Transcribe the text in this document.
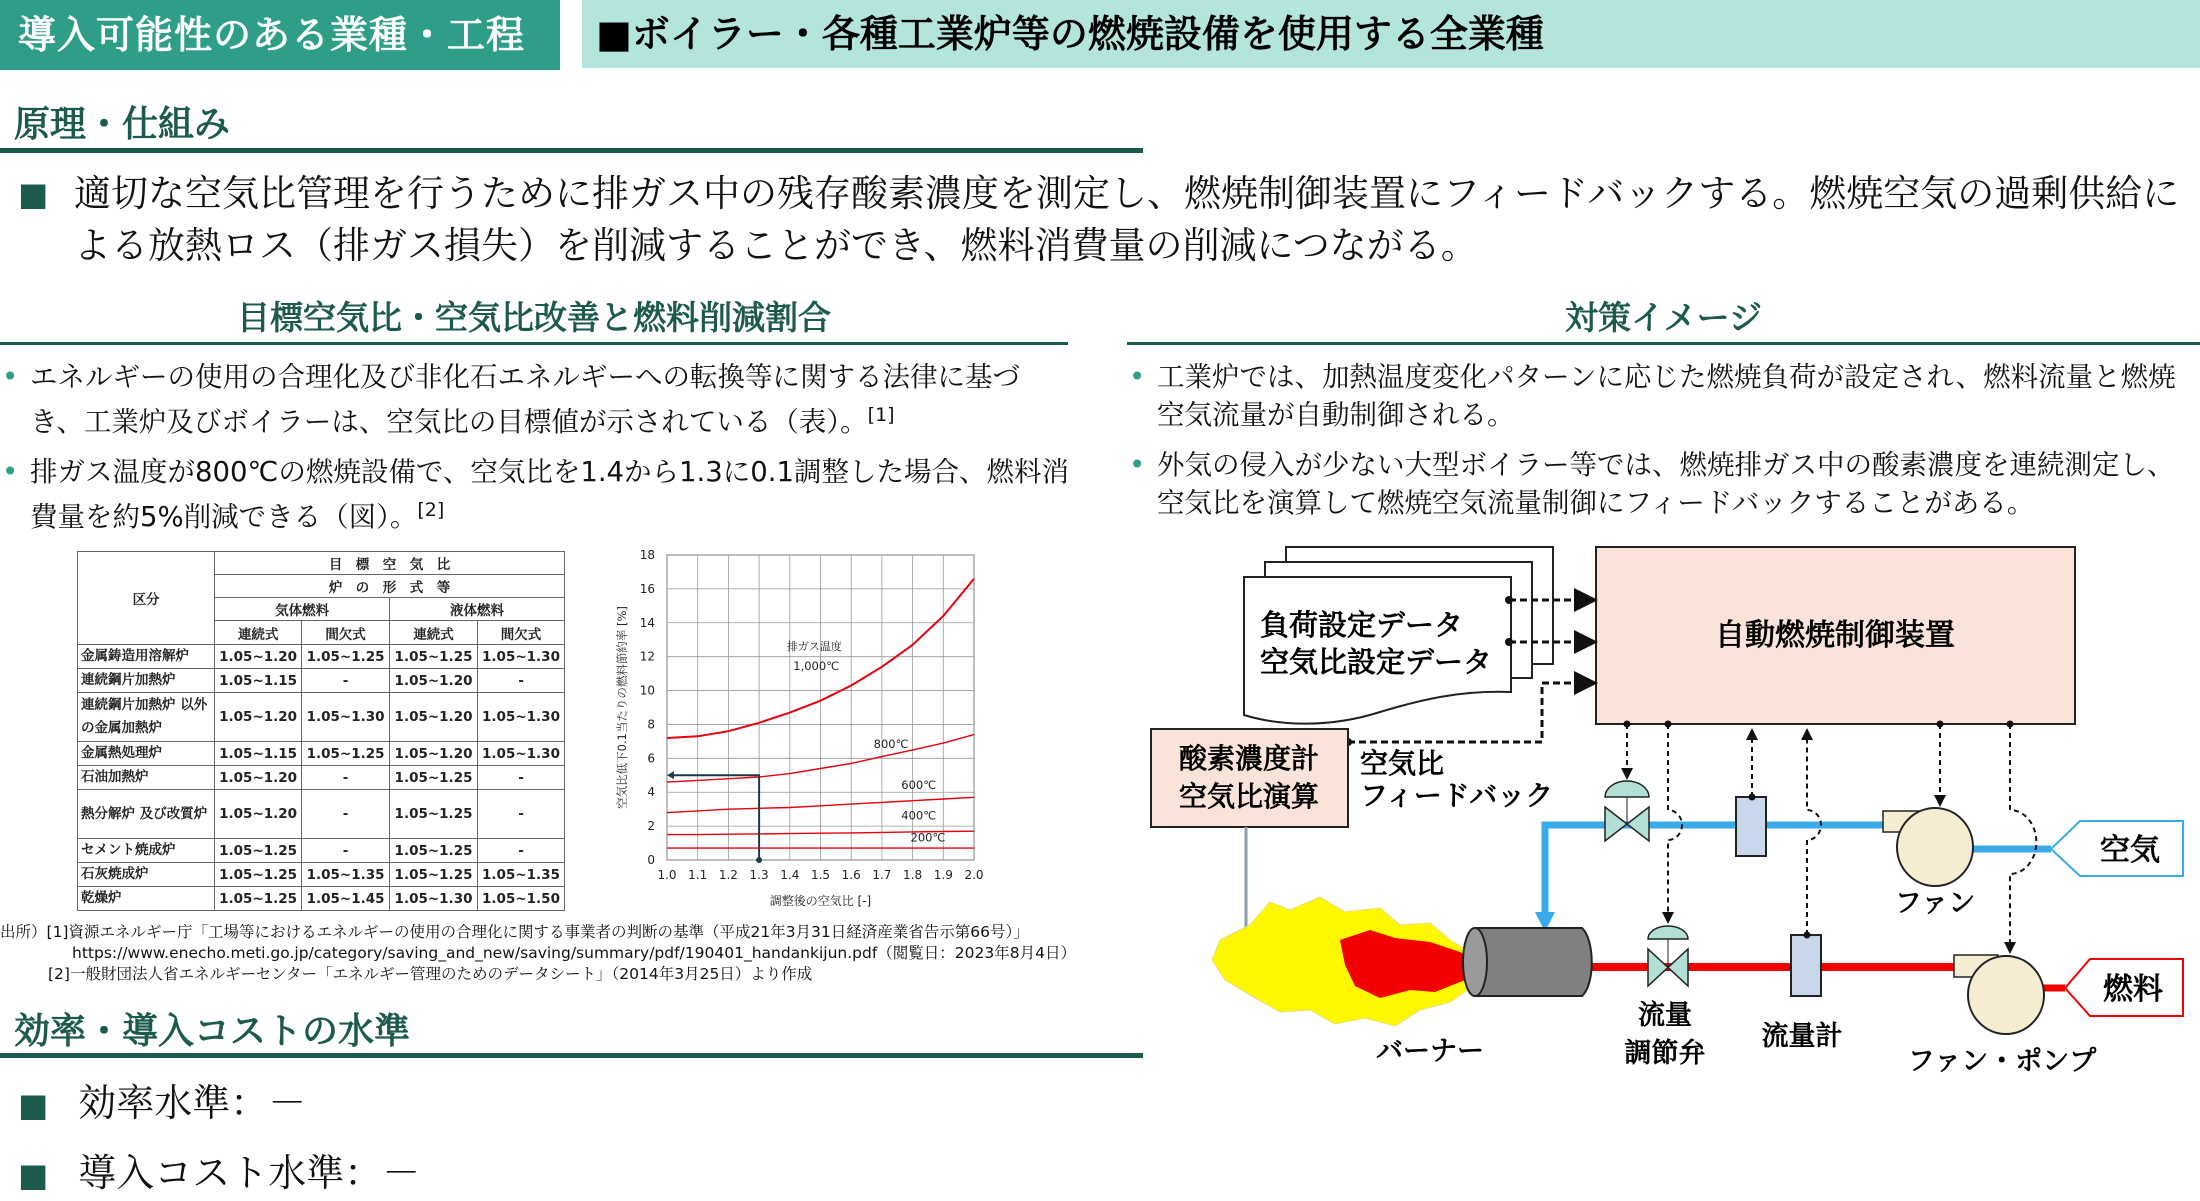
導入可能性のある業種・工程	■ボイラー・各種工業炉等の燃焼設備を使用する全業種
原理・仕組み
■ 適切な空気比管理を行うために排ガス中の残存酸素濃度を測定し、燃焼制御装置にフィードバックする。燃焼空気の過剰供給による放熱ロス（排ガス損失）を削減することができ、燃料消費量の削減につながる。
目標空気比・空気比改善と燃料削減割合
• エネルギーの使用の合理化及び非化石エネルギーへの転換等に関する法律に基づき、工業炉及びボイラーは、空気比の目標値が示されている（表）。[1]
• 排ガス温度が800℃の燃焼設備で、空気比を1.4から1.3に0.1調整した場合、燃料消費量を約5%削減できる（図）。[2]
区分	目　標　空　気　比			
	炉　の　形　式　等			
	気体燃料		液体燃料	
	連続式	間欠式	連続式	間欠式
金属鋳造用溶解炉	1.05~1.20	1.05~1.25	1.05~1.25	1.05~1.30
連続鋼片加熱炉	1.05~1.15	-	1.05~1.20	-
連続鋼片加熱炉 以外の金属加熱炉	1.05~1.20	1.05~1.30	1.05~1.20	1.05~1.30
金属熱処理炉	1.05~1.15	1.05~1.25	1.05~1.20	1.05~1.30
石油加熱炉	1.05~1.20	-	1.05~1.25	-
熱分解炉 及び改質炉	1.05~1.20	-	1.05~1.25	-
セメント焼成炉	1.05~1.25	-	1.05~1.25	-
石灰焼成炉	1.05~1.25	1.05~1.35	1.05~1.25	1.05~1.35
乾燥炉	1.05~1.25	1.05~1.45	1.05~1.30	1.05~1.50
1.0 1.1 1.2 1.3 1.4 1.5 1.6 1.7 1.8 1.9 2.0
0
2
4
6
8
10
12
14
16
18
調整後の空気比 [-]
空気比低下0.1当たりの燃料節約率 [%]	排ガス温度
1,000℃
800℃
600℃
400℃
200℃
出所）[1]資源エネルギー庁「工場等におけるエネルギーの使用の合理化に関する事業者の判断の基準（平成21年3月31日経済産業省告示第66号）」
https://www.enecho.meti.go.jp/category/saving_and_new/saving/summary/pdf/190401_handankijun.pdf（閲覧日：2023年8月4日）
[2]一般財団法人省エネルギーセンター「エネルギー管理のためのデータシート」（2014年3月25日）より作成
効率・導入コストの水準
■ 効率水準：－
■ 導入コスト水準：－
対策イメージ
• 工業炉では、加熱温度変化パターンに応じた燃焼負荷が設定され、燃料流量と燃焼空気流量が自動制御される。
• 外気の侵入が少ない大型ボイラー等では、燃焼排ガス中の酸素濃度を連続測定し、空気比を演算して燃焼空気流量制御にフィードバックすることがある。
負荷設定データ
空気比設定データ
自動燃焼制御装置
酸素濃度計
空気比演算
空気比
フィードバック
空気
燃料
ファン
バーナー
流量
調節弁
流量計
ファン・ポンプ
